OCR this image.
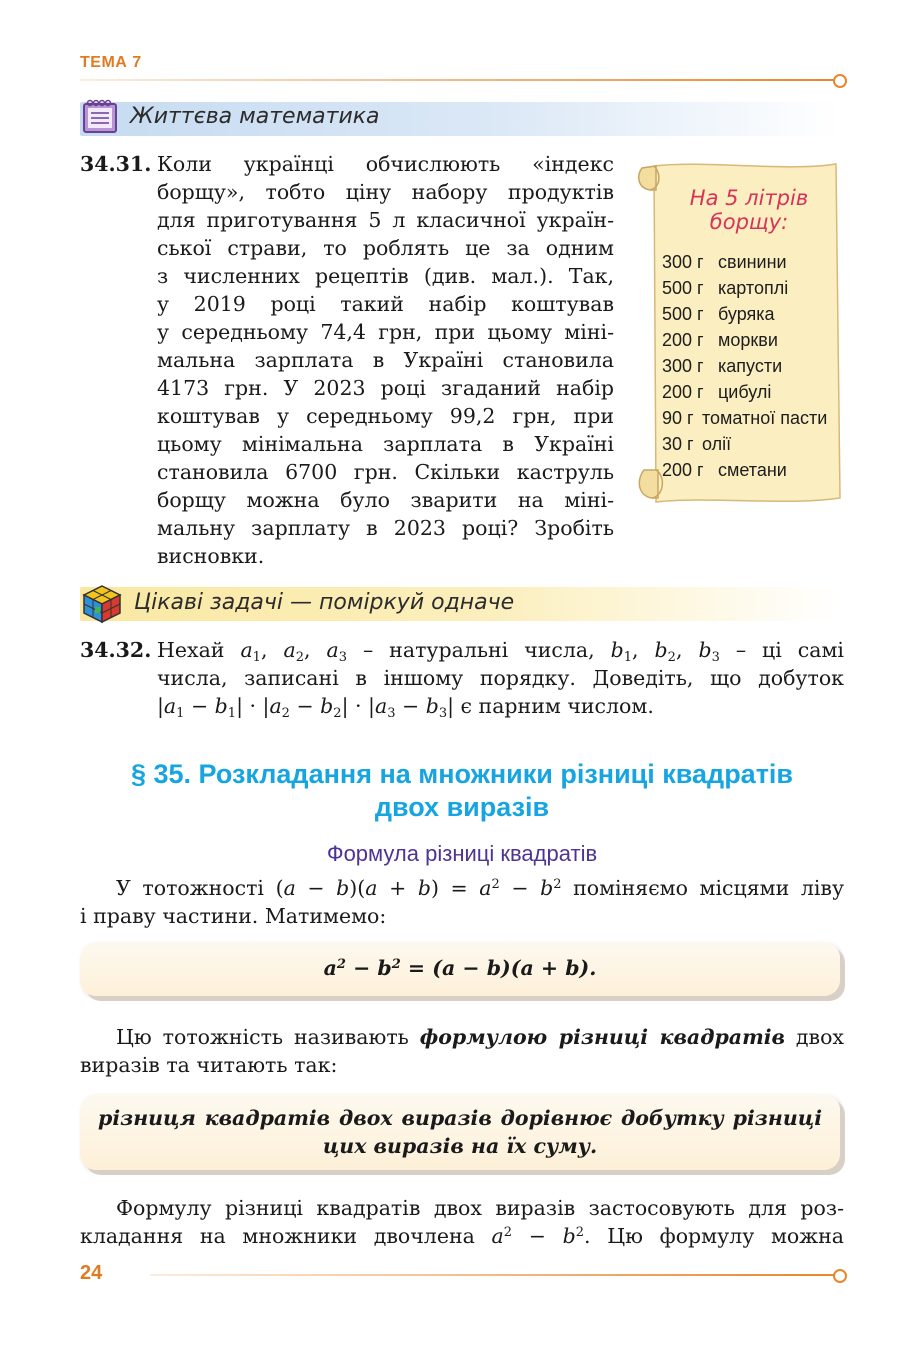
ТЕМА 7
Життєва математика
34.31. Коли українці обчислюють «індекс
борщу», тобто ціну набору продуктів
для приготування 5 л класичної україн-
ської страви, то роблять це за одним
з численних рецептів (див. мал.). Так,
у 2019 році такий набір коштував
у середньому 74,4 грн, при цьому міні-
мальна зарплата в Україні становила
4173 грн. У 2023 році згаданий набір
коштував у середньому 99,2 грн, при
цьому мінімальна зарплата в Україні
становила 6700 грн. Скільки каструль
борщу можна було зварити на міні-
мальну зарплату в 2023 році? Зробіть
висновки.
На 5 літрів
борщу:
300 г свинини
500 г картоплі
500 г буряка
200 г моркви
300 г капусти
200 г цибулі
90 г томатної пасти
30 г олії
200 г сметани
Цікаві задачі — поміркуй одначе
34.32. Нехай $a_1$, $a_2$, $a_3$ – натуральні числа, $b_1$, $b_2$, $b_3$ – ці самі
числа, записані в іншому порядку. Доведіть, що добуток
$|a_1 - b_1| \cdot |a_2 - b_2| \cdot |a_3 - b_3|$ є парним числом.
§ 35. Розкладання на множники різниці квадратів
двох виразів
Формула різниці квадратів
У тотожності $(a - b)(a + b) = a^2 - b^2$ поміняємо місцями ліву
і праву частини. Матимемо:
$a^2 - b^2 = (a - b)(a + b)$.
Цю тотожність називають формулою різниці квадратів двох
виразів та читають так:
різниця квадратів двох виразів дорівнює добутку різниці
цих виразів на їх суму.
Формулу різниці квадратів двох виразів застосовують для роз-
кладання на множники двочлена $a^2 - b^2$. Цю формулу можна
24
